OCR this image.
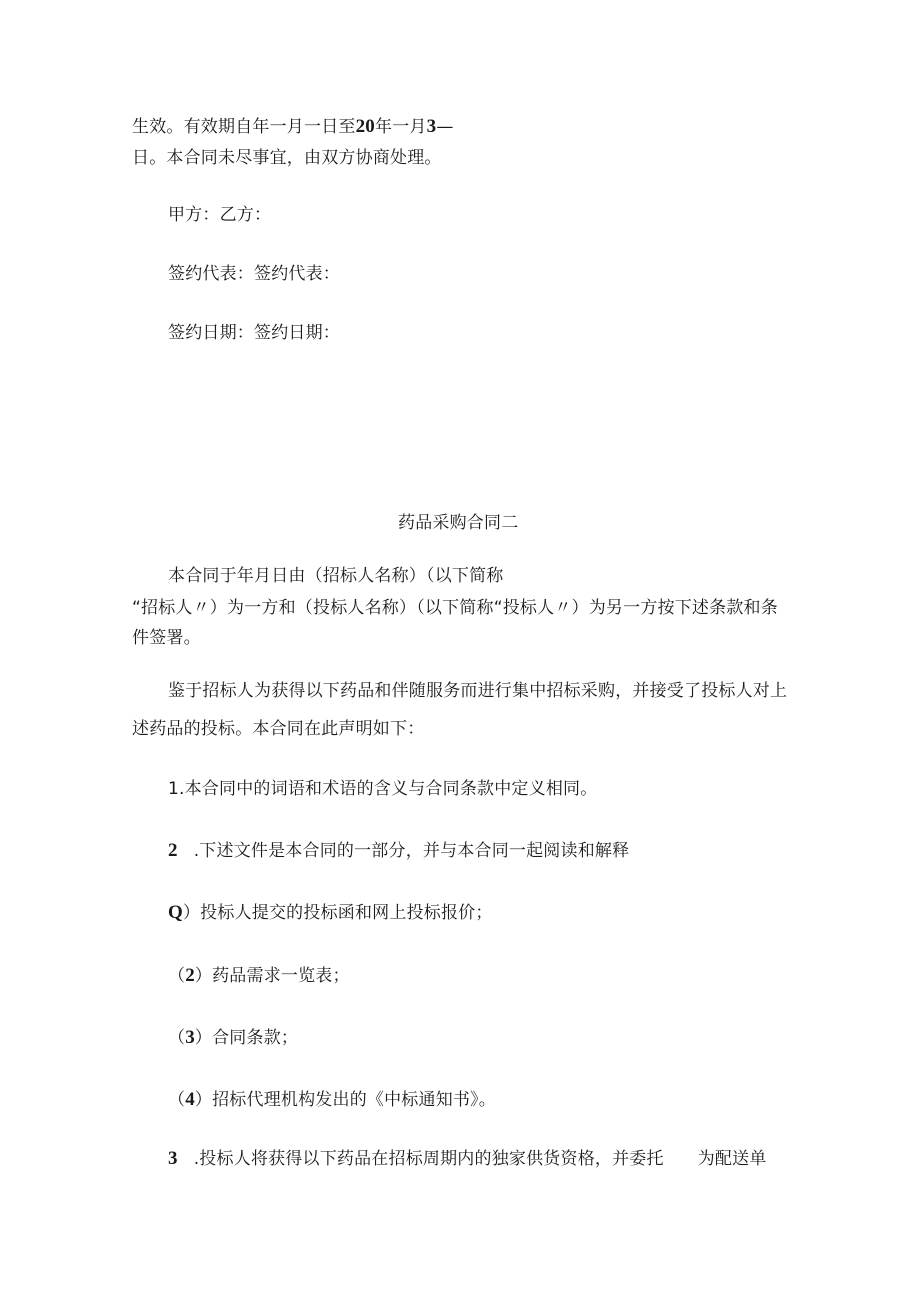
生效。有效期自年一月一日至20年一月3—
日。本合同未尽事宜，由双方协商处理。
甲方：乙方：
签约代表：签约代表：
签约日期：签约日期：
药品采购合同二
本合同于年月日由（招标人名称）（以下简称
“招标人〃）为一方和（投标人名称）（以下简称“投标人〃）为另一方按下述条款和条
件签署。
鉴于招标人为获得以下药品和伴随服务而进行集中招标采购，并接受了投标人对上
述药品的投标。本合同在此声明如下：
1.本合同中的词语和术语的含义与合同条款中定义相同。
2 .下述文件是本合同的一部分，并与本合同一起阅读和解释
Q）投标人提交的投标函和网上投标报价；
（2）药品需求一览表；
（3）合同条款；
（4）招标代理机构发出的《中标通知书》。
3 .投标人将获得以下药品在招标周期内的独家供货资格，并委托 为配送单
